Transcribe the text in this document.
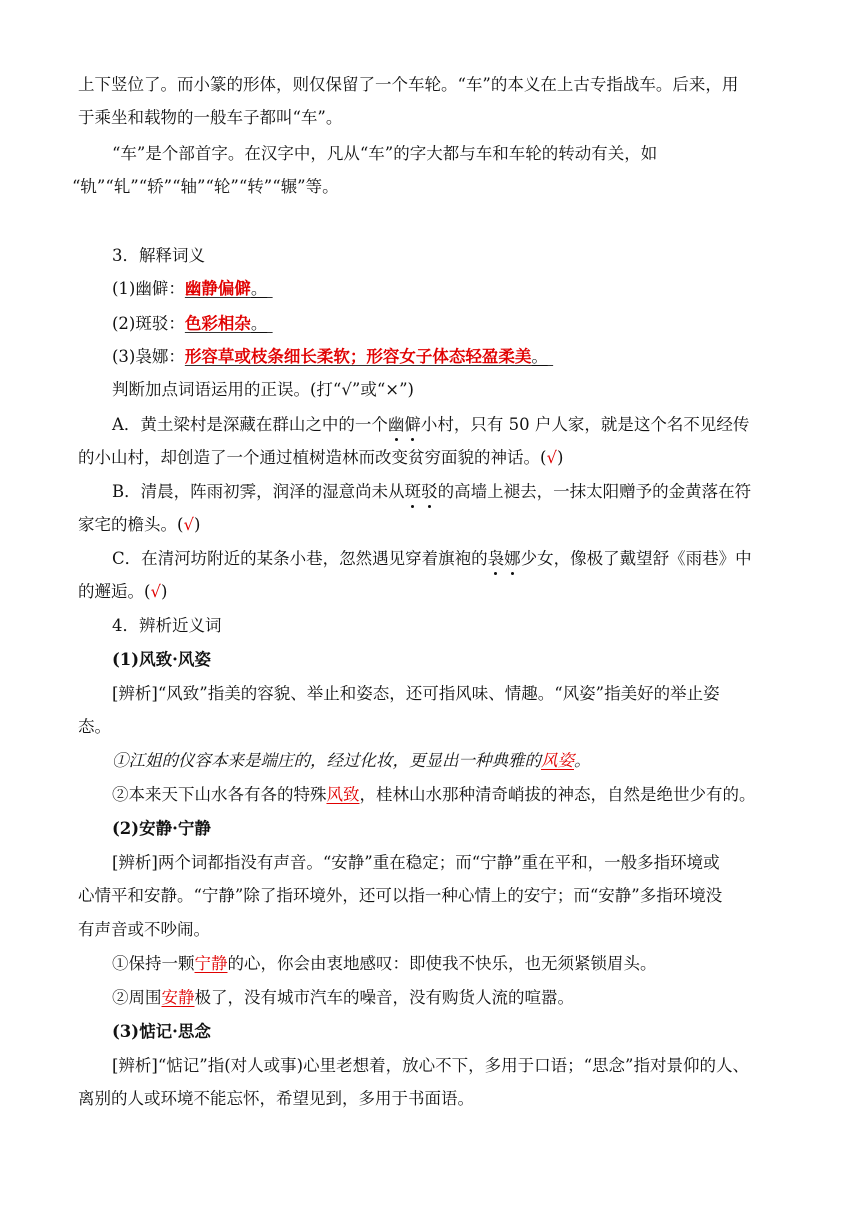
上下竖位了。而小篆的形体，则仅保留了一个车轮。“车”的本义在上古专指战车。后来，用
于乘坐和载物的一般车子都叫“车”。
“车”是个部首字。在汉字中，凡从“车”的字大都与车和车轮的转动有关，如
“轨”“轧”“轿”“轴”“轮”“转”“辗”等。
3．解释词义
(1)幽僻：幽静偏僻。
(2)斑驳：色彩相杂。
(3)袅娜：形容草或枝条细长柔软；形容女子体态轻盈柔美。
判断加点词语运用的正误。(打“√”或“×”)
A．黄土梁村是深藏在群山之中的一个幽僻小村，只有 50 户人家，就是这个名不见经传
的小山村，却创造了一个通过植树造林而改变贫穷面貌的神话。(√)
B．清晨，阵雨初霁，润泽的湿意尚未从斑驳的高墙上褪去，一抹太阳赠予的金黄落在符
家宅的檐头。(√)
C．在清河坊附近的某条小巷，忽然遇见穿着旗袍的袅娜少女，像极了戴望舒《雨巷》中
的邂逅。(√)
4．辨析近义词
(1)风致·风姿
[辨析]“风致”指美的容貌、举止和姿态，还可指风味、情趣。“风姿”指美好的举止姿
态。
①江姐的仪容本来是端庄的，经过化妆，更显出一种典雅的风姿。
②本来天下山水各有各的特殊风致，桂林山水那种清奇峭拔的神态，自然是绝世少有的。
(2)安静·宁静
[辨析]两个词都指没有声音。“安静”重在稳定；而“宁静”重在平和，一般多指环境或
心情平和安静。“宁静”除了指环境外，还可以指一种心情上的安宁；而“安静”多指环境没
有声音或不吵闹。
①保持一颗宁静的心，你会由衷地感叹：即使我不快乐，也无须紧锁眉头。
②周围安静极了，没有城市汽车的噪音，没有购货人流的喧嚣。
(3)惦记·思念
[辨析]“惦记”指(对人或事)心里老想着，放心不下，多用于口语；“思念”指对景仰的人、
离别的人或环境不能忘怀，希望见到，多用于书面语。
